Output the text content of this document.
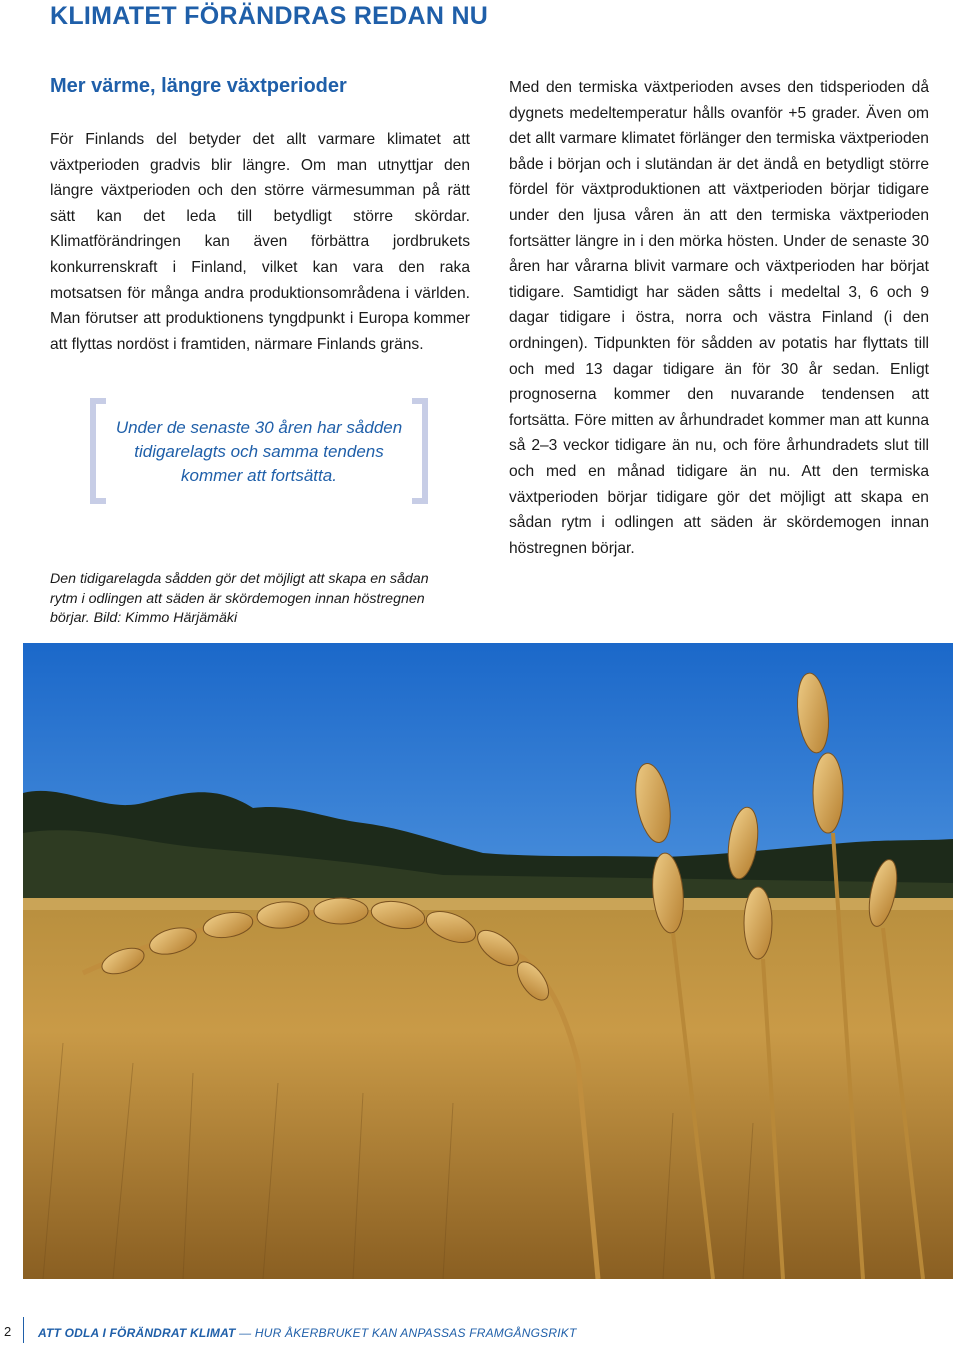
KLIMATET FÖRÄNDRAS REDAN NU
Mer värme, längre växtperioder

För Finlands del betyder det allt varmare klimatet att växtperioden gradvis blir längre. Om man utnyttjar den längre växtperioden och den större värmesumman på rätt sätt kan det leda till betydligt större skördar. Klimatförändringen kan även förbättra jordbrukets konkurrenskraft i Finland, vilket kan vara den raka motsatsen för många andra produktionsområdena i världen. Man förutser att produktionens tyngdpunkt i Europa kommer att flyttas nordöst i framtiden, närmare Finlands gräns.

Under de senaste 30 åren har sådden tidigarelagts och samma tendens kommer att fortsätta.
Den tidigarelagda sådden gör det möjligt att skapa en sådan rytm i odlingen att säden är skördemogen innan höstregnen börjar. Bild: Kimmo Härjämäki

Med den termiska växtperioden avses den tidsperioden då dygnets medeltemperatur hålls ovanför +5 grader. Även om det allt varmare klimatet förlänger den termiska växtperioden både i början och i slutändan är det ändå en betydligt större fördel för växtproduktionen att växtperioden börjar tidigare under den ljusa våren än att den termiska växtperioden fortsätter längre in i den mörka hösten. Under de senaste 30 åren har vårarna blivit varmare och växtperioden har börjat tidigare. Samtidigt har säden såtts i medeltal 3, 6 och 9 dagar tidigare i östra, norra och västra Finland (i den ordningen). Tidpunkten för sådden av potatis har flyttats till och med 13 dagar tidigare än för 30 år sedan. Enligt prognoserna kommer den nuvarande tendensen att fortsätta. Före mitten av århundradet kommer man att kunna så 2–3 veckor tidigare än nu, och före århundradets slut till och med en månad tidigare än nu. Att den termiska växtperioden börjar tidigare gör det möjligt att skapa en sådan rytm i odlingen att säden är skördemogen innan höstregnen börjar.

2 ATT ODLA I FÖRÄNDRAT KLIMAT — HUR ÅKERBRUKET KAN ANPASSAS FRAMGÅNGSRIKT
